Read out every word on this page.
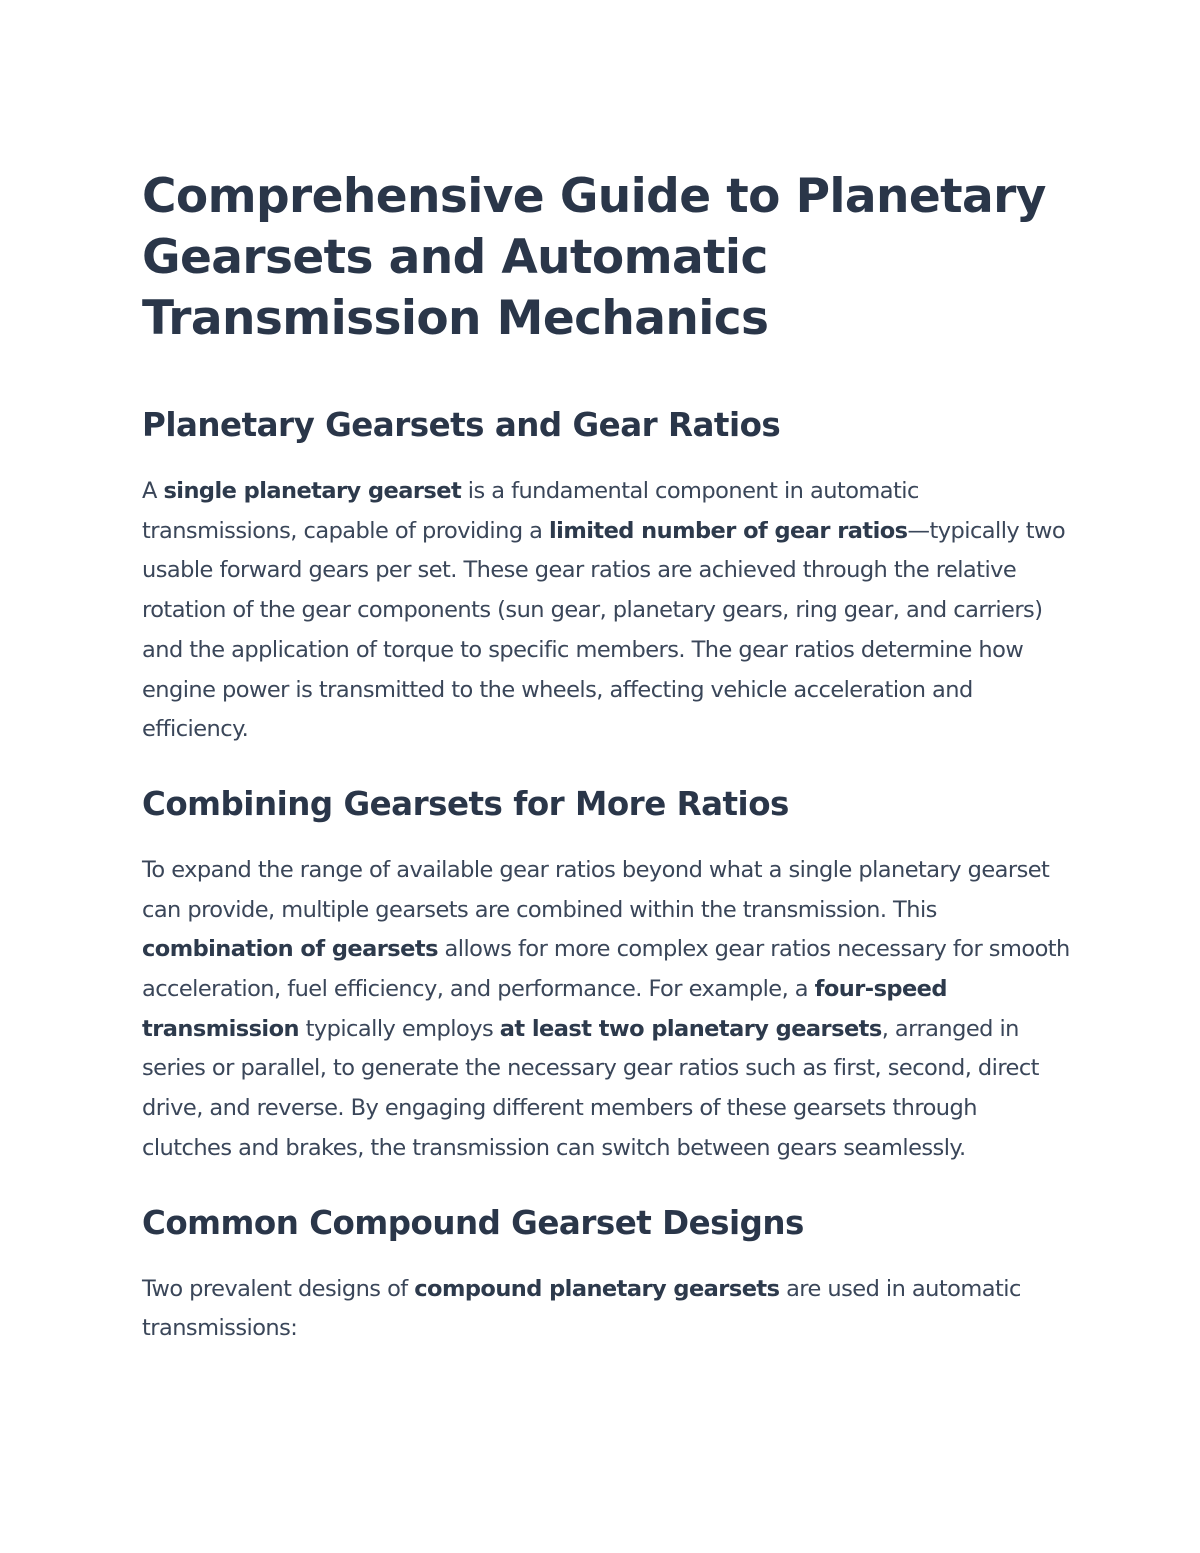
Comprehensive Guide to Planetary Gearsets and Automatic Transmission Mechanics
Planetary Gearsets and Gear Ratios

A single planetary gearset is a fundamental component in automatic transmissions, capable of providing a limited number of gear ratios—typically two usable forward gears per set. These gear ratios are achieved through the relative rotation of the gear components (sun gear, planetary gears, ring gear, and carriers) and the application of torque to specific members. The gear ratios determine how engine power is transmitted to the wheels, affecting vehicle acceleration and efficiency.

Combining Gearsets for More Ratios

To expand the range of available gear ratios beyond what a single planetary gearset can provide, multiple gearsets are combined within the transmission. This combination of gearsets allows for more complex gear ratios necessary for smooth acceleration, fuel efficiency, and performance. For example, a four-speed transmission typically employs at least two planetary gearsets, arranged in series or parallel, to generate the necessary gear ratios such as first, second, direct drive, and reverse. By engaging different members of these gearsets through clutches and brakes, the transmission can switch between gears seamlessly.

Common Compound Gearset Designs

Two prevalent designs of compound planetary gearsets are used in automatic transmissions:
